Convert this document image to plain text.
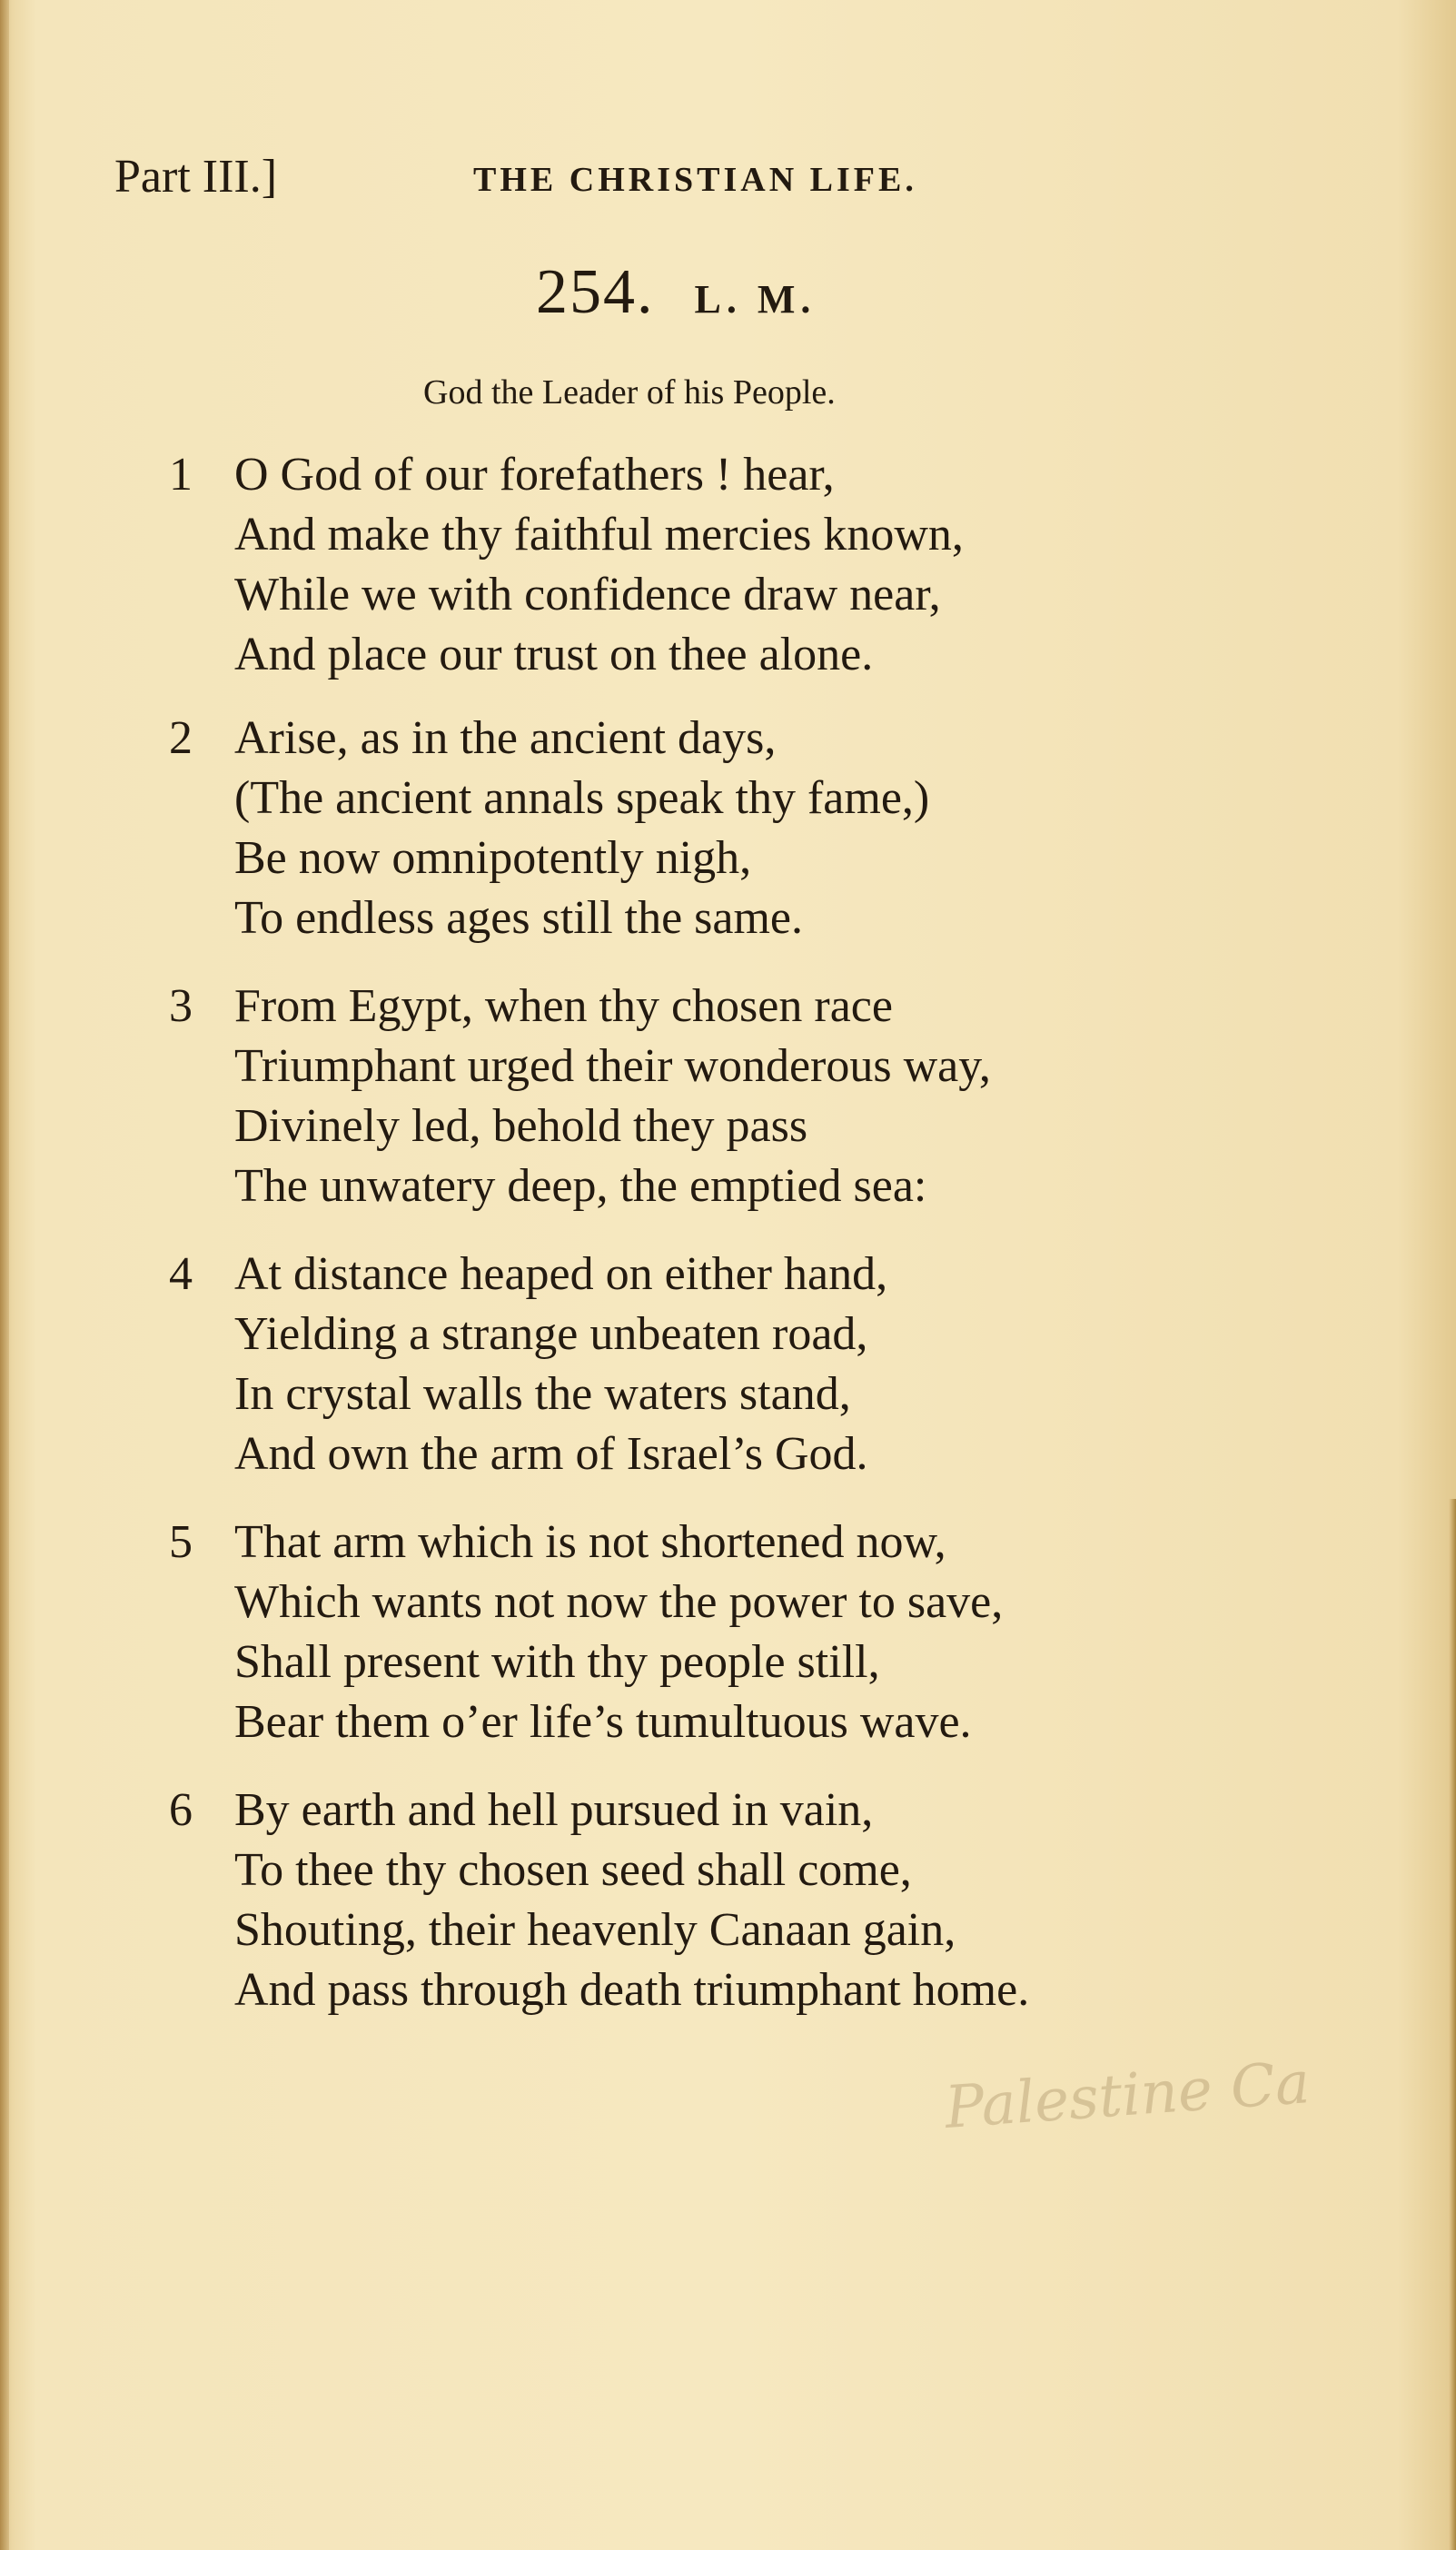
Part III.]	THE CHRISTIAN LIFE.
254. L. M.
God the Leader of his People.
1 O God of our forefathers ! hear,
And make thy faithful mercies known,
While we with confidence draw near,
And place our trust on thee alone.
2 Arise, as in the ancient days,
(The ancient annals speak thy fame,)
Be now omnipotently nigh,
To endless ages still the same.
3 From Egypt, when thy chosen race
Triumphant urged their wonderous way,
Divinely led, behold they pass
The unwatery deep, the emptied sea:
4 At distance heaped on either hand,
Yielding a strange unbeaten road,
In crystal walls the waters stand,
And own the arm of Israel’s God.
5 That arm which is not shortened now,
Which wants not now the power to save,
Shall present with thy people still,
Bear them o’er life’s tumultuous wave.
6 By earth and hell pursued in vain,
To thee thy chosen seed shall come,
Shouting, their heavenly Canaan gain,
And pass through death triumphant home.
Palestine Ca
